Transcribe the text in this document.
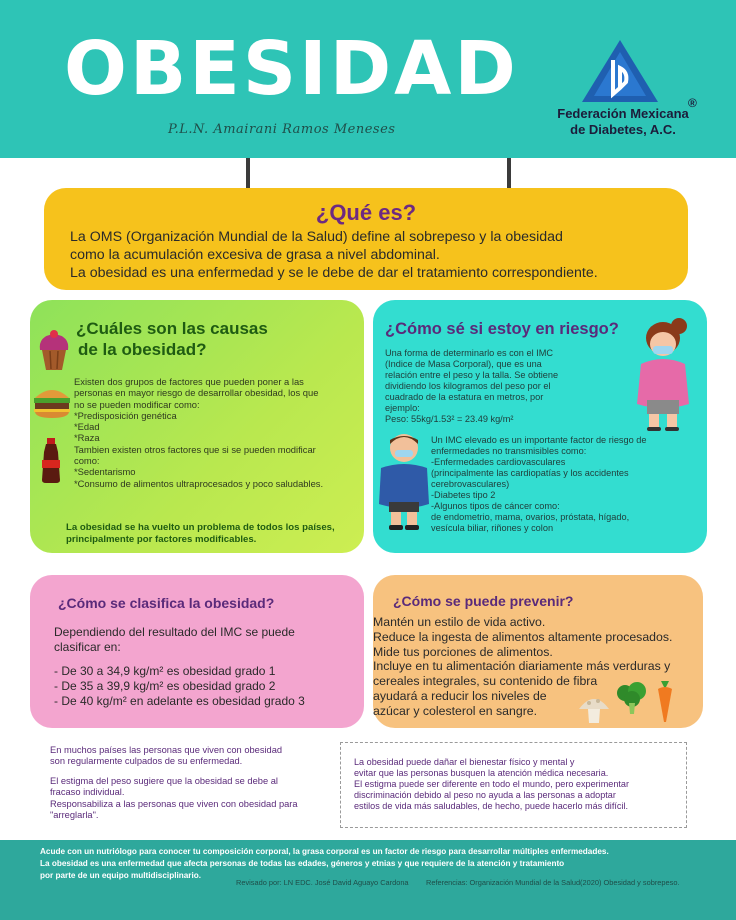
OBESIDAD
P.L.N. Amairani Ramos Meneses
Federación Mexicana
de Diabetes, A.C.
®
¿Qué es?
La OMS (Organización Mundial de la Salud) define al sobrepeso y la obesidad
como la acumulación excesiva de grasa a nivel abdominal.
La obesidad es una enfermedad y se le debe de dar el tratamiento correspondiente.
¿Cuáles son las causas
de la obesidad?
Existen dos grupos de factores que pueden poner a las
personas en mayor riesgo de desarrollar obesidad, los que
no se pueden modificar como:
*Predisposición genética
*Edad
*Raza
Tambien existen otros factores que si se pueden modificar
como:
*Sedentarismo
*Consumo de alimentos ultraprocesados y poco saludables.
La obesidad se ha vuelto un problema de todos los países,
principalmente por factores modificables.
¿Cómo sé si estoy en riesgo?
Una forma de determinarlo es con el IMC
(Indice de Masa Corporal), que es una
relación entre el peso y la talla. Se obtiene
dividiendo los kilogramos del peso por el
cuadrado de la estatura en metros, por
ejemplo:
Peso: 55kg/1.53² = 23.49 kg/m²
Un IMC elevado es un importante factor de riesgo de
enfermedades no transmisibles como:
-Enfermedades cardiovasculares
(principalmente las cardiopatías y los accidentes
cerebrovasculares)
-Diabetes tipo 2
-Algunos tipos de cáncer como:
de endometrio, mama, ovarios, próstata, hígado,
vesícula biliar, riñones y colon
¿Cómo se clasifica la obesidad?
Dependiendo del resultado del IMC se puede
clasificar en:
- De 30 a 34,9 kg/m² es obesidad grado 1
- De 35 a 39,9 kg/m² es obesidad grado 2
- De 40 kg/m² en adelante es obesidad grado 3
¿Cómo se puede prevenir?
Mantén un estilo de vida activo.
Reduce la ingesta de alimentos altamente procesados.
Mide tus porciones de alimentos.
Incluye en tu alimentación diariamente más verduras y
cereales integrales, su contenido de fibra
ayudará a reducir los niveles de
azúcar y colesterol en sangre.
En muchos países las personas que viven con obesidad
son regularmente culpados de su enfermedad.
El estigma del peso sugiere que la obesidad se debe al
fracaso individual.
Responsabiliza a las personas que viven con obesidad para
"arreglarla".
La obesidad puede dañar el bienestar físico y mental y
evitar que las personas busquen la atención médica necesaria.
El estigma puede ser diferente en todo el mundo, pero experimentar
discriminación debido al peso no ayuda a las personas a adoptar
estilos de vida más saludables, de hecho, puede hacerlo más difícil.
Acude con un nutriólogo para conocer tu composición corporal, la grasa corporal es un factor de riesgo para desarrollar múltiples enfermedades.
La obesidad es una enfermedad que afecta personas de todas las edades, géneros y etnias y que requiere de la atención y tratamiento
por parte de un equipo multidisciplinario.
Revisado por: LN EDC. José David Aguayo Cardona Referencias: Organización Mundial de la Salud(2020) Obesidad y sobrepeso.
